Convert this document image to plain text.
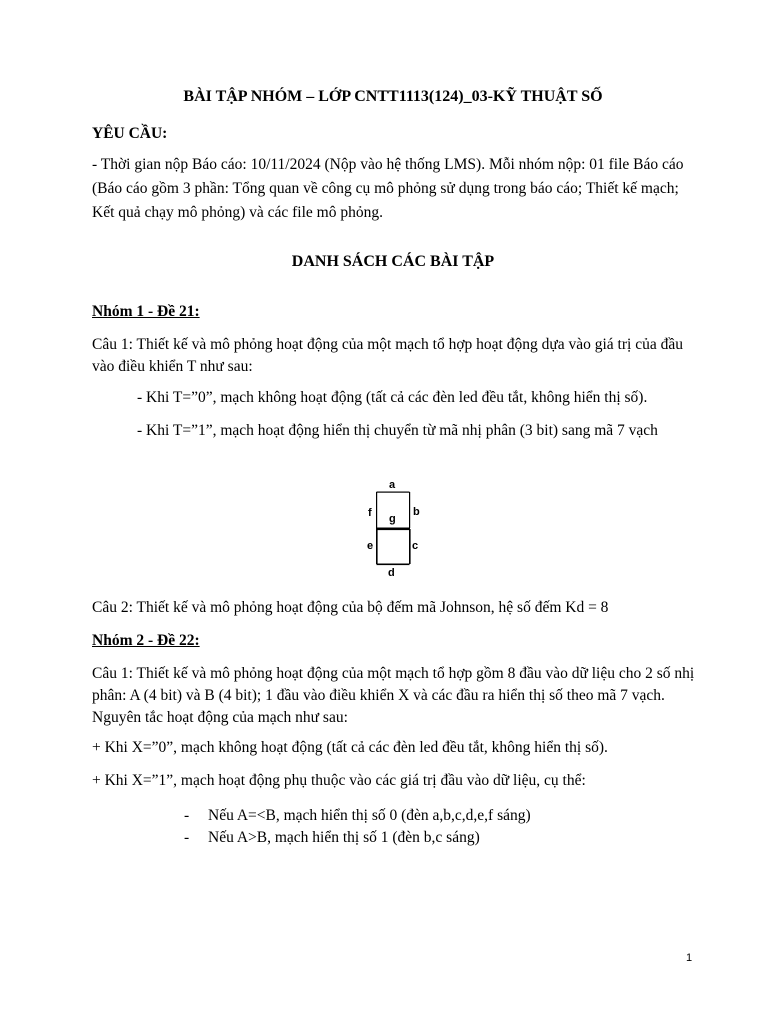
BÀI TẬP NHÓM – LỚP CNTT1113(124)_03-KỸ THUẬT SỐ
YÊU CẦU:
- Thời gian nộp Báo cáo: 10/11/2024 (Nộp vào hệ thống LMS). Mỗi nhóm nộp: 01 file Báo cáo (Báo cáo gồm 3 phần: Tổng quan về công cụ mô phỏng sử dụng trong báo cáo; Thiết kế mạch; Kết quả chạy mô phỏng) và các file mô phỏng.
DANH SÁCH CÁC BÀI TẬP
Nhóm 1 - Đề 21:
Câu 1: Thiết kế và mô phỏng hoạt động của một mạch tổ hợp hoạt động dựa vào giá trị của đầu vào điều khiển T như sau:
- Khi T=”0”, mạch không hoạt động (tất cả các đèn led đều tắt, không hiển thị số).
- Khi T=”1”, mạch hoạt động hiển thị chuyển từ mã nhị phân (3 bit) sang mã 7 vạch
a
f g
b
e	c
d
Câu 2: Thiết kế và mô phỏng hoạt động của bộ đếm mã Johnson, hệ số đếm Kd = 8
Nhóm 2 - Đề 22:
Câu 1: Thiết kế và mô phỏng hoạt động của một mạch tổ hợp gồm 8 đầu vào dữ liệu cho 2 số nhị phân: A (4 bit) và B (4 bit); 1 đầu vào điều khiển X và các đầu ra hiển thị số theo mã 7 vạch. Nguyên tắc hoạt động của mạch như sau:
+ Khi X=”0”, mạch không hoạt động (tất cả các đèn led đều tắt, không hiển thị số).
+ Khi X=”1”, mạch hoạt động phụ thuộc vào các giá trị đầu vào dữ liệu, cụ thể:
- Nếu A=<B, mạch hiển thị số 0 (đèn a,b,c,d,e,f sáng)
- Nếu A>B, mạch hiển thị số 1 (đèn b,c sáng)
1
